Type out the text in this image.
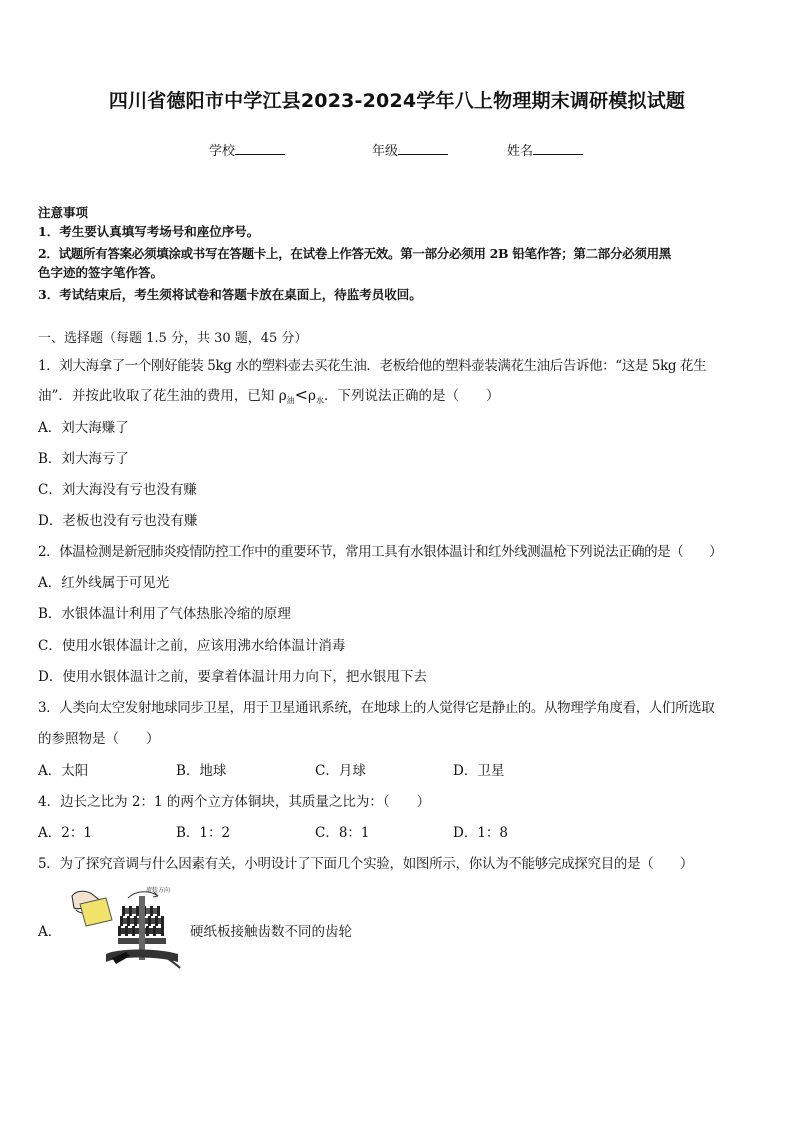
四川省德阳市中学江县2023-2024学年八上物理期末调研模拟试题
学校	年级	姓名
注意事项
1．考生要认真填写考场号和座位序号。
2．试题所有答案必须填涂或书写在答题卡上，在试卷上作答无效。第一部分必须用 2B 铅笔作答；第二部分必须用黑
色字迹的签字笔作答。
3．考试结束后，考生须将试卷和答题卡放在桌面上，待监考员收回。
一、选择题（每题 1.5 分，共 30 题，45 分）
1．刘大海拿了一个刚好能装 5kg 水的塑料壶去买花生油．老板给他的塑料壶装满花生油后告诉他：“这是 5kg 花生
油”．并按此收取了花生油的费用，已知 $\rho_油<\rho_水$．下列说法正确的是（　　）
A．刘大海赚了
B．刘大海亏了
C．刘大海没有亏也没有赚
D．老板也没有亏也没有赚
2．体温检测是新冠肺炎疫情防控工作中的重要环节，常用工具有水银体温计和红外线测温枪下列说法正确的是（　　）
A．红外线属于可见光
B．水银体温计利用了气体热胀冷缩的原理
C．使用水银体温计之前，应该用沸水给体温计消毒
D．使用水银体温计之前，要拿着体温计用力向下，把水银甩下去
3．人类向太空发射地球同步卫星，用于卫星通讯系统，在地球上的人觉得它是静止的。从物理学角度看，人们所选取
的参照物是（　　）
A．太阳	B．地球	C．月球	D．卫星
4．边长之比为 2：1 的两个立方体铜块，其质量之比为：（　　）
A．2：1	B．1：2	C．8：1	D．1：8
5．为了探究音调与什么因素有关，小明设计了下面几个实验，如图所示，你认为不能够完成探究目的是（　　）
A．
旋转方向
硬纸板接触齿数不同的齿轮
